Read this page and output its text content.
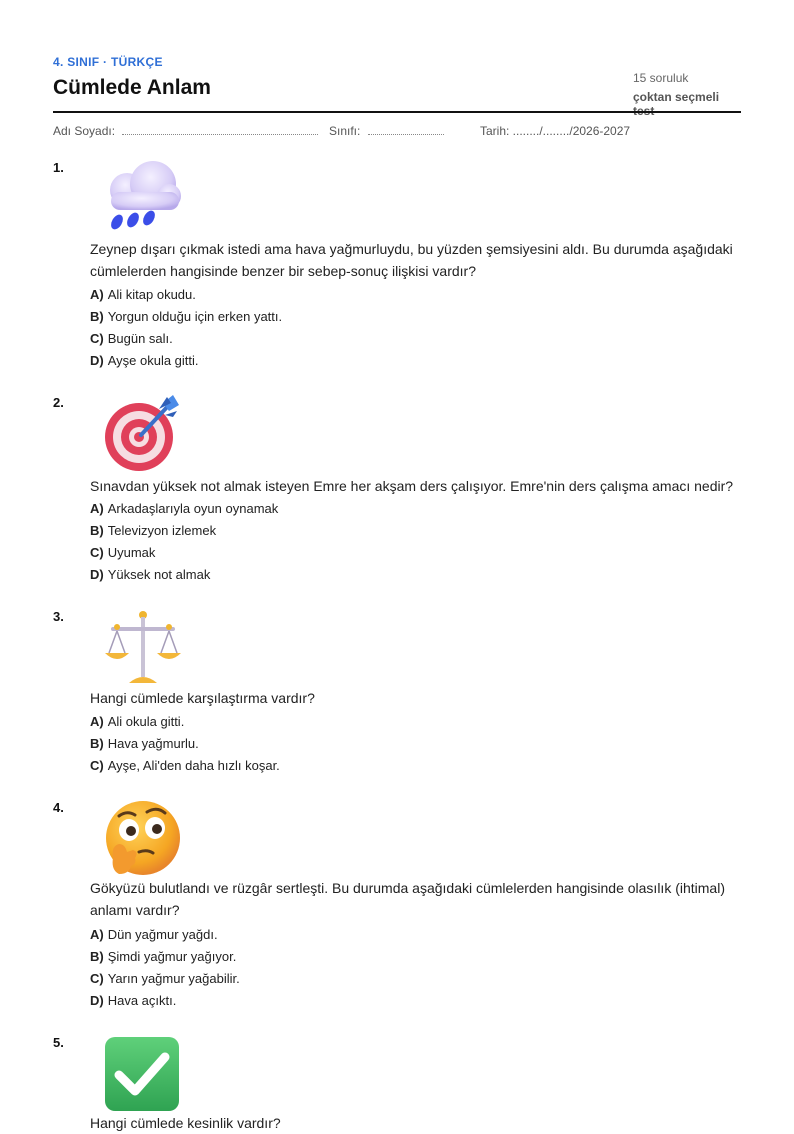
4. SINIF · TÜRKÇE
Cümlede Anlam	15 soruluk
çoktan seçmeli
Adı Soyadı:	Sınıfı:	Tarih: ......../......../2026-2027
1.
Zeynep dışarı çıkmak istedi ama hava yağmurluydu, bu yüzden şemsiyesini aldı. Bu durumda aşağıdaki cümlelerden hangisinde benzer bir sebep-sonuç ilişkisi vardır?
A) Ali kitap okudu.
B) Yorgun olduğu için erken yattı.
C) Bugün salı.
D) Ayşe okula gitti.
2.
Sınavdan yüksek not almak isteyen Emre her akşam ders çalışıyor. Emre'nin ders çalışma amacı nedir?
A) Arkadaşlarıyla oyun oynamak
B) Televizyon izlemek
C) Uyumak
D) Yüksek not almak
3.
Hangi cümlede karşılaştırma vardır?
A) Ali okula gitti.
B) Hava yağmurlu.
C) Ayşe, Ali'den daha hızlı koşar.
4.
Gökyüzü bulutlandı ve rüzgâr sertleşti. Bu durumda aşağıdaki cümlelerden hangisinde olasılık (ihtimal) anlamı vardır?
A) Dün yağmur yağdı.
B) Şimdi yağmur yağıyor.
C) Yarın yağmur yağabilir.
D) Hava açıktı.
5.
Hangi cümlede kesinlik vardır?
